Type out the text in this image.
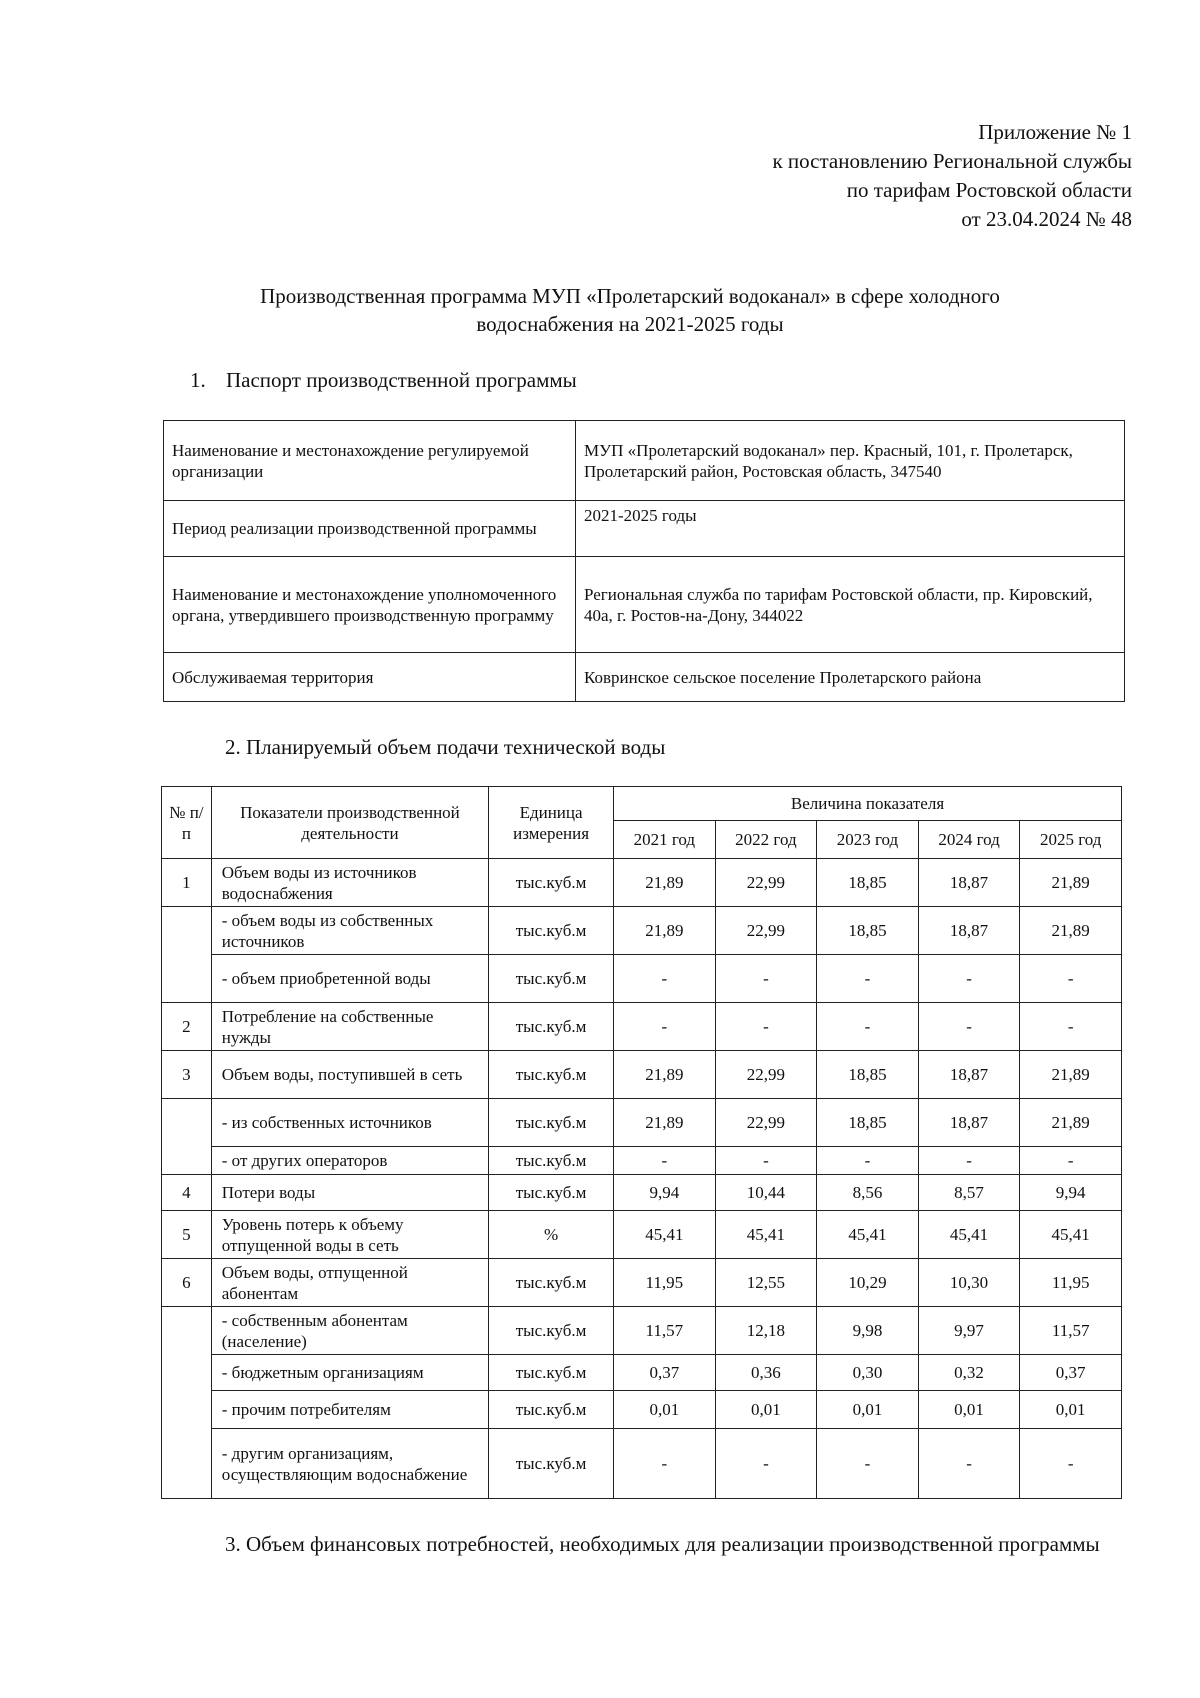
Приложение № 1
к постановлению Региональной службы
по тарифам Ростовской области
от 23.04.2024 № 48
Производственная программа МУП «Пролетарский водоканал» в сфере холодного
водоснабжения на 2021-2025 годы
1. Паспорт производственной программы
Наименование и местонахождение регулируемой организации	МУП «Пролетарский водоканал» пер. Красный, 101, г. Пролетарск, Пролетарский район, Ростовская область, 347540
Период реализации производственной программы	2021-2025 годы
Наименование и местонахождение уполномоченного органа, утвердившего производственную программу	Региональная служба по тарифам Ростовской области, пр. Кировский, 40а, г. Ростов-на-Дону, 344022
Обслуживаемая территория	Ковринское сельское поселение Пролетарского района
2. Планируемый объем подачи технической воды
№ п/п	Показатели производственной деятельности	Единица измерения	Величина показателя				
			2021 год	2022 год	2023 год	2024 год	2025 год
1	Объем воды из источников водоснабжения	тыс.куб.м	21,89	22,99	18,85	18,87	21,89
	- объем воды из собственных источников	тыс.куб.м	21,89	22,99	18,85	18,87	21,89
	- объем приобретенной воды	тыс.куб.м	-	-	-	-	-
2	Потребление на собственные нужды	тыс.куб.м	-	-	-	-	-
3	Объем воды, поступившей в сеть	тыс.куб.м	21,89	22,99	18,85	18,87	21,89
	- из собственных источников	тыс.куб.м	21,89	22,99	18,85	18,87	21,89
	- от других операторов	тыс.куб.м	-	-	-	-	-
4	Потери воды	тыс.куб.м	9,94	10,44	8,56	8,57	9,94
5	Уровень потерь к объему отпущенной воды в сеть	%	45,41	45,41	45,41	45,41	45,41
6	Объем воды, отпущенной абонентам	тыс.куб.м	11,95	12,55	10,29	10,30	11,95
	- собственным абонентам (население)	тыс.куб.м	11,57	12,18	9,98	9,97	11,57
	- бюджетным организациям	тыс.куб.м	0,37	0,36	0,30	0,32	0,37
	- прочим потребителям	тыс.куб.м	0,01	0,01	0,01	0,01	0,01
	- другим организациям, осуществляющим водоснабжение	тыс.куб.м	-	-	-	-	-
3. Объем финансовых потребностей, необходимых для реализации производственной программы
